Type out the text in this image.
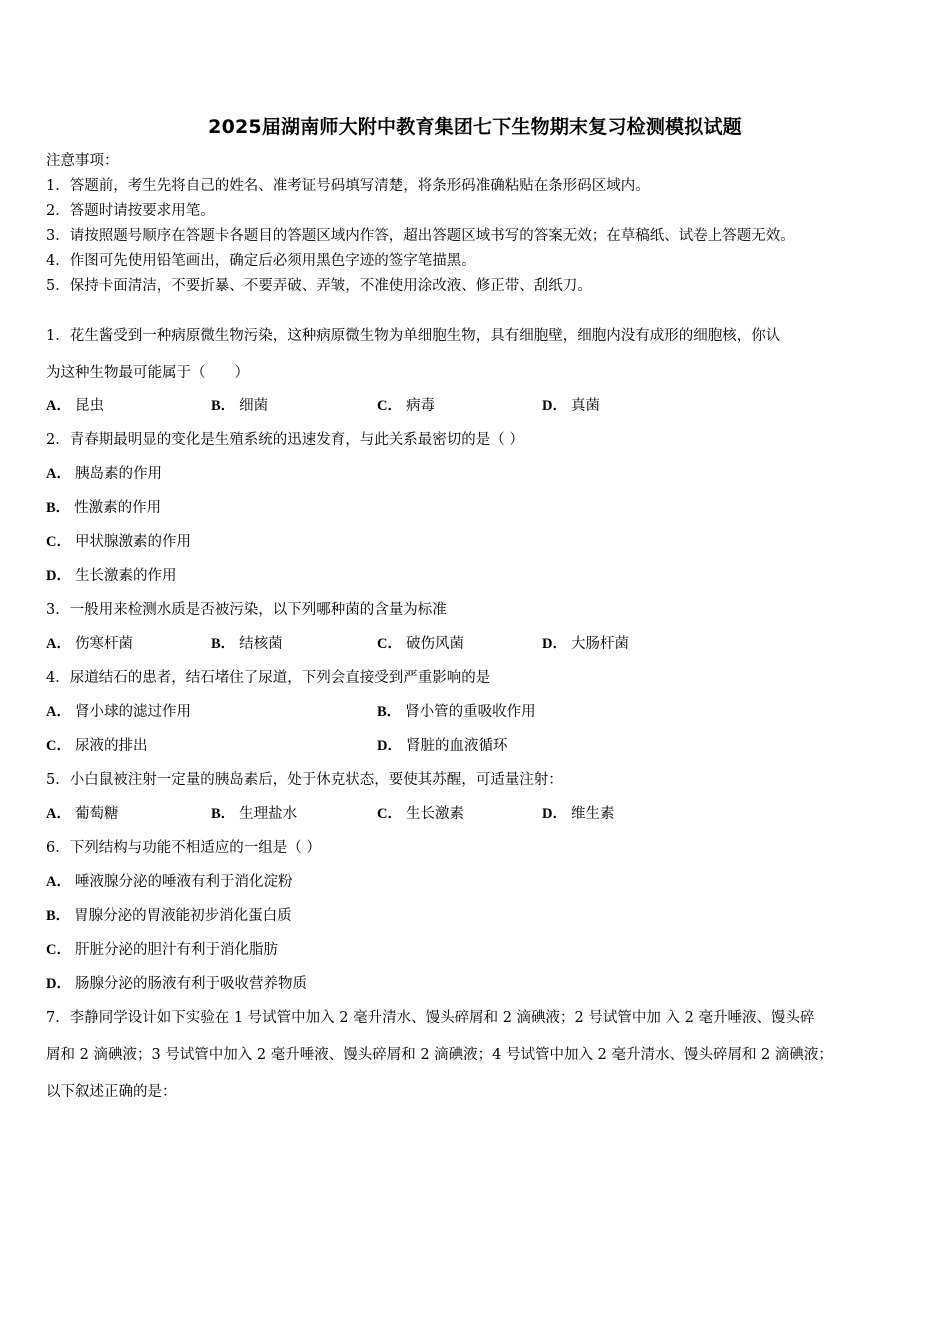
2025届湖南师大附中教育集团七下生物期末复习检测模拟试题
注意事项：
1．答题前，考生先将自己的姓名、准考证号码填写清楚，将条形码准确粘贴在条形码区域内。
2．答题时请按要求用笔。
3．请按照题号顺序在答题卡各题目的答题区域内作答，超出答题区域书写的答案无效；在草稿纸、试卷上答题无效。
4．作图可先使用铅笔画出，确定后必须用黑色字迹的签字笔描黑。
5．保持卡面清洁，不要折暴、不要弄破、弄皱，不准使用涂改液、修正带、刮纸刀。
1．花生酱受到一种病原微生物污染，这种病原微生物为单细胞生物，具有细胞壁，细胞内没有成形的细胞核，你认
为这种生物最可能属于（　　）
A． 昆虫	B． 细菌	C． 病毒	D． 真菌
2．青春期最明显的变化是生殖系统的迅速发育，与此关系最密切的是（ ）
A． 胰岛素的作用
B． 性激素的作用
C． 甲状腺激素的作用
D． 生长激素的作用
3．一般用来检测水质是否被污染，以下列哪种菌的含量为标准
A． 伤寒杆菌	B． 结核菌	C． 破伤风菌	D． 大肠杆菌
4．尿道结石的患者，结石堵住了尿道，下列会直接受到严重影响的是
A． 肾小球的滤过作用	B． 肾小管的重吸收作用
C． 尿液的排出	D． 肾脏的血液循环
5．小白鼠被注射一定量的胰岛素后，处于休克状态，要使其苏醒，可适量注射：
A． 葡萄糖	B． 生理盐水	C． 生长激素	D． 维生素
6．下列结构与功能不相适应的一组是（ ）
A． 唾液腺分泌的唾液有利于消化淀粉
B． 胃腺分泌的胃液能初步消化蛋白质
C． 肝脏分泌的胆汁有利于消化脂肪
D． 肠腺分泌的肠液有利于吸收营养物质
7．李静同学设计如下实验在 1 号试管中加入 2 毫升清水、馒头碎屑和 2 滴碘液；2 号试管中加 入 2 毫升唾液、馒头碎
屑和 2 滴碘液；3 号试管中加入 2 毫升唾液、馒头碎屑和 2 滴碘液；4 号试管中加入 2 毫升清水、馒头碎屑和 2 滴碘液；
以下叙述正确的是：
